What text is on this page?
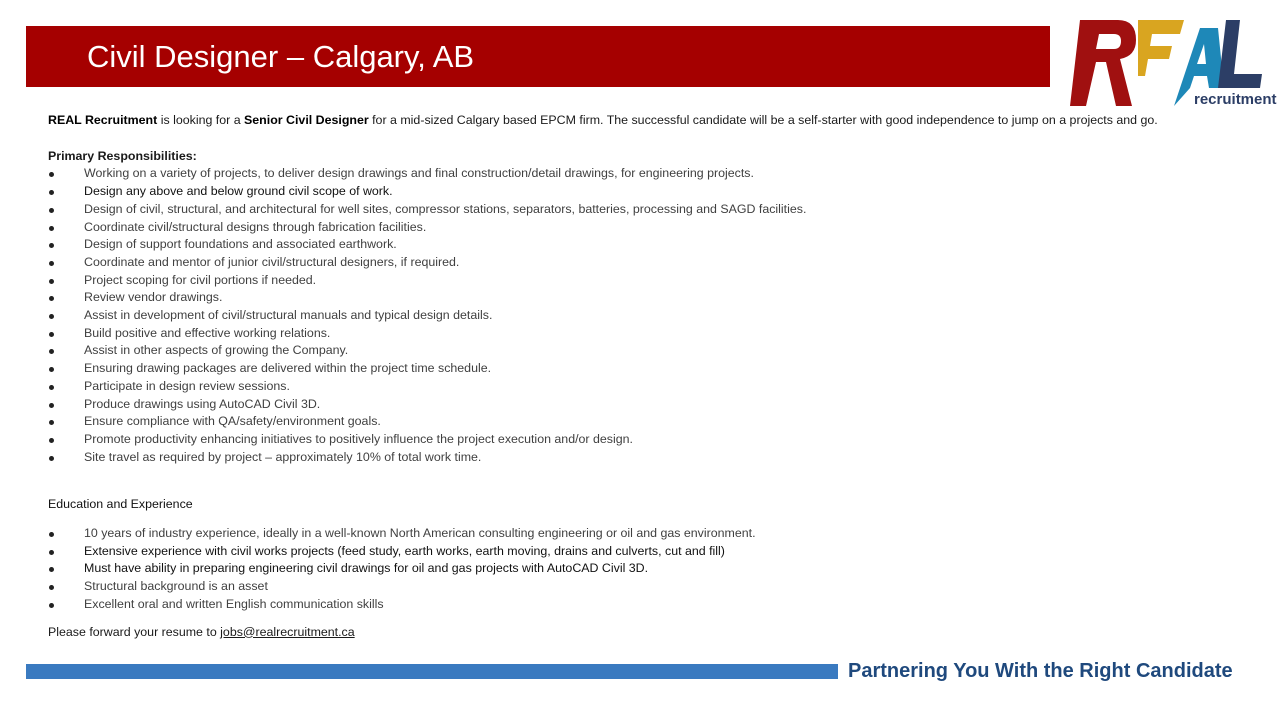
Civil Designer – Calgary, AB
recruitment

REAL Recruitment is looking for a Senior Civil Designer for a mid-sized Calgary based EPCM firm. The successful candidate will be a self-starter with good independence to jump on a projects and go.

Primary Responsibilities:

Working on a variety of projects, to deliver design drawings and final construction/detail drawings, for engineering projects.
Design any above and below ground civil scope of work.
Design of civil, structural, and architectural for well sites, compressor stations, separators, batteries, processing and SAGD facilities.
Coordinate civil/structural designs through fabrication facilities.
Design of support foundations and associated earthwork.
Coordinate and mentor of junior civil/structural designers, if required.
Project scoping for civil portions if needed.
Review vendor drawings.
Assist in development of civil/structural manuals and typical design details.
Build positive and effective working relations.
Assist in other aspects of growing the Company.
Ensuring drawing packages are delivered within the project time schedule.
Participate in design review sessions.
Produce drawings using AutoCAD Civil 3D.
Ensure compliance with QA/safety/environment goals.
Promote productivity enhancing initiatives to positively influence the project execution and/or design.
Site travel as required by project – approximately 10% of total work time.

Education and Experience

10 years of industry experience, ideally in a well-known North American consulting engineering or oil and gas environment.
Extensive experience with civil works projects (feed study, earth works, earth moving, drains and culverts, cut and fill)
Must have ability in preparing engineering civil drawings for oil and gas projects with AutoCAD Civil 3D.
Structural background is an asset
Excellent oral and written English communication skills

Please forward your resume to jobs@realrecruitment.ca

Partnering You With the Right Candidate
